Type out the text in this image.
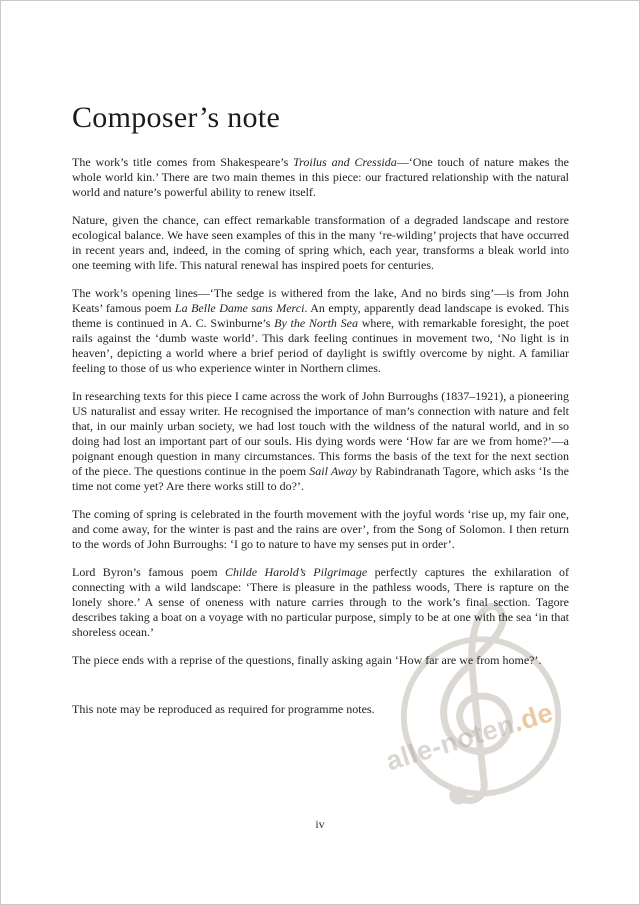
alle-noten.de
Composer’s note

The work’s title comes from Shakespeare’s Troilus and Cressida—‘One touch of nature makes the whole world kin.’ There are two main themes in this piece: our fractured relationship with the natural world and nature’s powerful ability to renew itself.

Nature, given the chance, can effect remarkable transformation of a degraded landscape and restore ecological balance. We have seen examples of this in the many ‘re-wilding’ projects that have occurred in recent years and, indeed, in the coming of spring which, each year, transforms a bleak world into one teeming with life. This natural renewal has inspired poets for centuries.

The work’s opening lines—‘The sedge is withered from the lake, And no birds sing’—is from John Keats’ famous poem La Belle Dame sans Merci. An empty, apparently dead landscape is evoked. This theme is continued in A. C. Swinburne’s By the North Sea where, with remarkable foresight, the poet rails against the ‘dumb waste world’. This dark feeling continues in movement two, ‘No light is in heaven’, depicting a world where a brief period of daylight is swiftly overcome by night. A familiar feeling to those of us who experience winter in Northern climes.

In researching texts for this piece I came across the work of John Burroughs (1837–1921), a pioneering US naturalist and essay writer. He recognised the importance of man’s connection with nature and felt that, in our mainly urban society, we had lost touch with the wildness of the natural world, and in so doing had lost an important part of our souls. His dying words were ‘How far are we from home?’—a poignant enough question in many circumstances. This forms the basis of the text for the next section of the piece. The questions continue in the poem Sail Away by Rabindranath Tagore, which asks ‘Is the time not come yet? Are there works still to do?’.

The coming of spring is celebrated in the fourth movement with the joyful words ‘rise up, my fair one, and come away, for the winter is past and the rains are over’, from the Song of Solomon. I then return to the words of John Burroughs: ‘I go to nature to have my senses put in order’.

Lord Byron’s famous poem Childe Harold’s Pilgrimage perfectly captures the exhilaration of connecting with a wild landscape: ‘There is pleasure in the pathless woods, There is rapture on the lonely shore.’ A sense of oneness with nature carries through to the work’s final section. Tagore describes taking a boat on a voyage with no particular purpose, simply to be at one with the sea ‘in that shoreless ocean.’

The piece ends with a reprise of the questions, finally asking again ‘How far are we from home?’.

This note may be reproduced as required for programme notes.

iv
